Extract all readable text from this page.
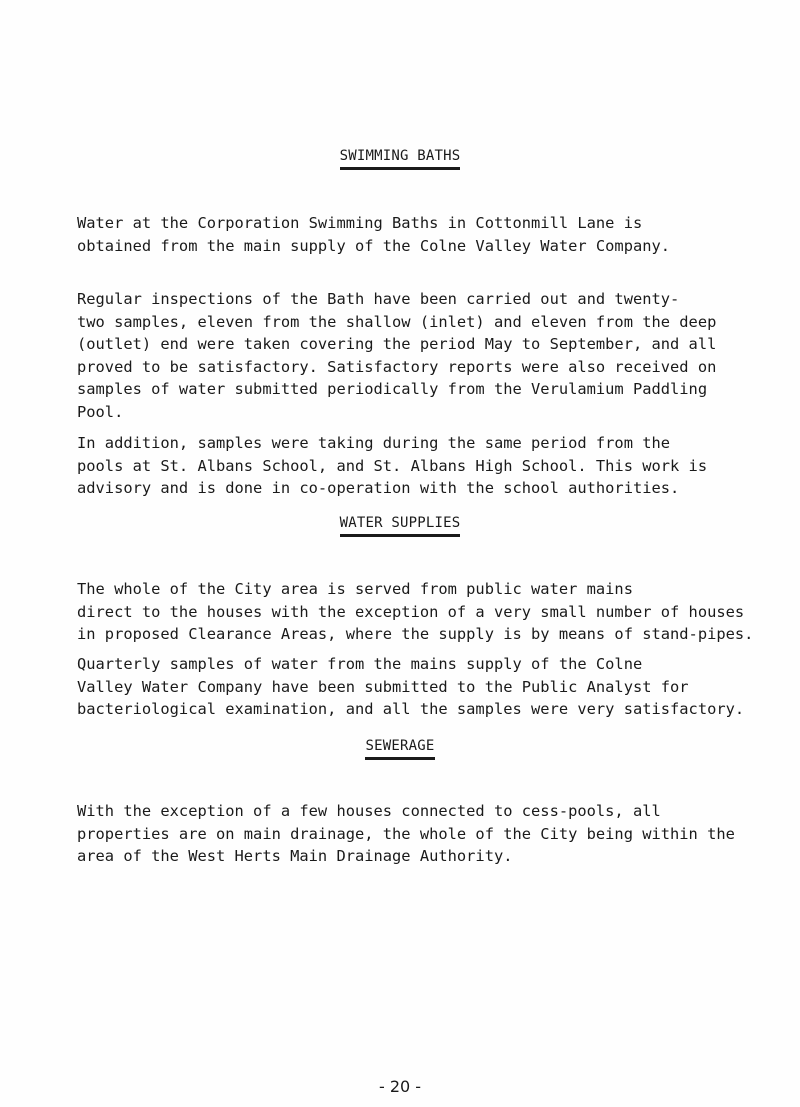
SWIMMING BATHS

Water at the Corporation Swimming Baths in Cottonmill Lane is
obtained from the main supply of the Colne Valley Water Company.

Regular inspections of the Bath have been carried out and twenty-
two samples, eleven from the shallow (inlet) and eleven from the deep
(outlet) end were taken covering the period May to September, and all
proved to be satisfactory. Satisfactory reports were also received on
samples of water submitted periodically from the Verulamium Paddling
Pool.

In addition, samples were taking during the same period from the
pools at St. Albans School, and St. Albans High School. This work is
advisory and is done in co-operation with the school authorities.

WATER SUPPLIES

The whole of the City area is served from public water mains
direct to the houses with the exception of a very small number of houses
in proposed Clearance Areas, where the supply is by means of stand-pipes.

Quarterly samples of water from the mains supply of the Colne
Valley Water Company have been submitted to the Public Analyst for
bacteriological examination, and all the samples were very satisfactory.

SEWERAGE

With the exception of a few houses connected to cess-pools, all
properties are on main drainage, the whole of the City being within the
area of the West Herts Main Drainage Authority.

- 20 -
